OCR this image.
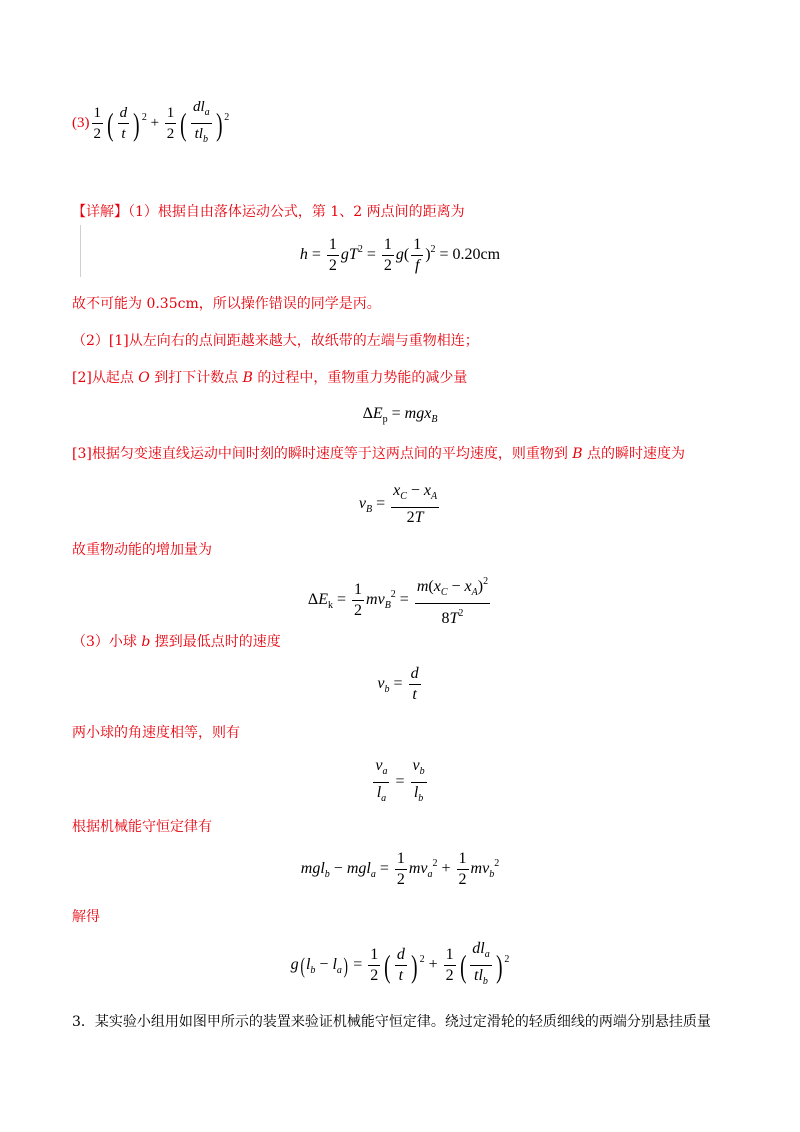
$(3) \frac{1}{2}$ ( $\frac{d}{t}$ ) $^2 + \frac{1}{2}$ ( $\frac{dl_a}{tl_b}$ ) $^2$
【详解】（1）根据自由落体运动公式，第 1、2 两点间的距离为
$h = \frac{1}{2} gT^2 = \frac{1}{2} g( \frac{1}{f} )^2 = 0.20cm$
故不可能为 0.35cm，所以操作错误的同学是丙。
（2）[1]从左向右的点间距越来越大，故纸带的左端与重物相连；
[2]从起点 O 到打下计数点 B 的过程中，重物重力势能的减少量
$\Delta E_p = mgx_B$
[3]根据匀变速直线运动中间时刻的瞬时速度等于这两点间的平均速度，则重物到 B 点的瞬时速度为
$v_B = \frac{x_C - x_A}{2T}$
故重物动能的增加量为
$\Delta E_k = \frac{1}{2} mv_B^2 = \frac{m(x_C - x_A)^2}{8T^2}$
（3）小球 b 摆到最低点时的速度
$v_b = \frac{d}{t}$
两小球的角速度相等，则有
$\frac{v_a}{l_a} = \frac{v_b}{l_b}$
根据机械能守恒定律有
$mgl_b - mgl_a = \frac{1}{2} mv_a^2 + \frac{1}{2} mv_b^2$
解得
$g(l_b - l_a) = \frac{1}{2}$ ( $\frac{d}{t}$ ) $^2 + \frac{1}{2}$ ( $\frac{dl_a}{tl_b}$ ) $^2$
3．某实验小组用如图甲所示的装置来验证机械能守恒定律。绕过定滑轮的轻质细线的两端分别悬挂质量
